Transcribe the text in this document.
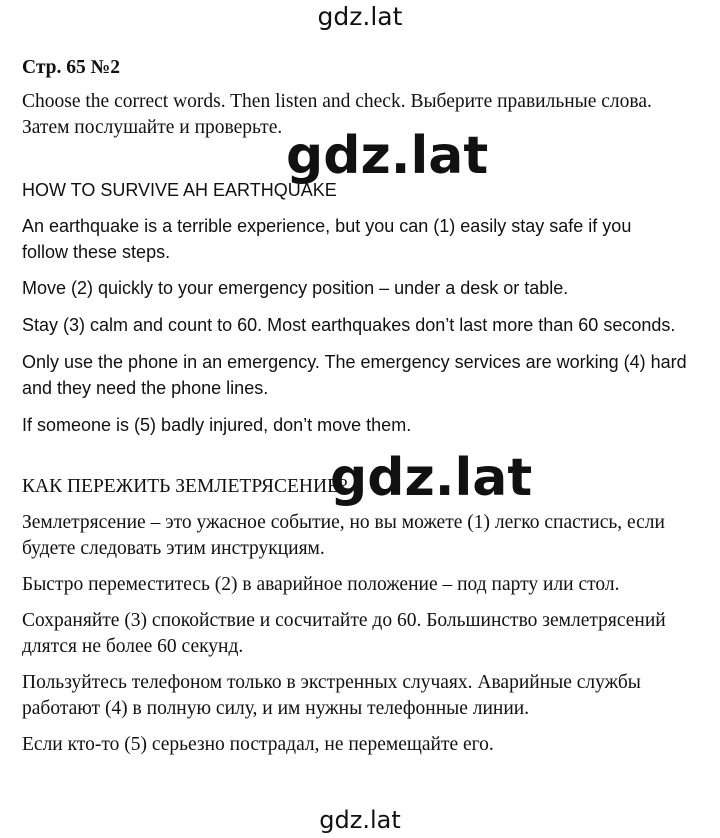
gdz.lat

Стр. 65 №2

Choose the correct words. Then listen and check. Выберите правильные слова.

Затем послушайте и проверьте.

HOW TO SURVIVE AH EARTHQUAKE

An earthquake is a terrible experience, but you can (1) easily stay safe if you

follow these steps.

Move (2) quickly to your emergency position – under a desk or table.

Stay (3) calm and count to 60. Most earthquakes don’t last more than 60 seconds.

Only use the phone in an emergency. The emergency services are working (4) hard

and they need the phone lines.

If someone is (5) badly injured, don’t move them.

КАК ПЕРЕЖИТЬ ЗЕМЛЕТРЯСЕНИЕ?

Землетрясение – это ужасное событие, но вы можете (1) легко спастись, если

будете следовать этим инструкциям.

Быстро переместитесь (2) в аварийное положение – под парту или стол.

Сохраняйте (3) спокойствие и сосчитайте до 60. Большинство землетрясений

длятся не более 60 секунд.

Пользуйтесь телефоном только в экстренных случаях. Аварийные службы

работают (4) в полную силу, и им нужны телефонные линии.

Если кто-то (5) серьезно пострадал, не перемещайте его.

gdz.lat
gdz.lat
gdz.lat
